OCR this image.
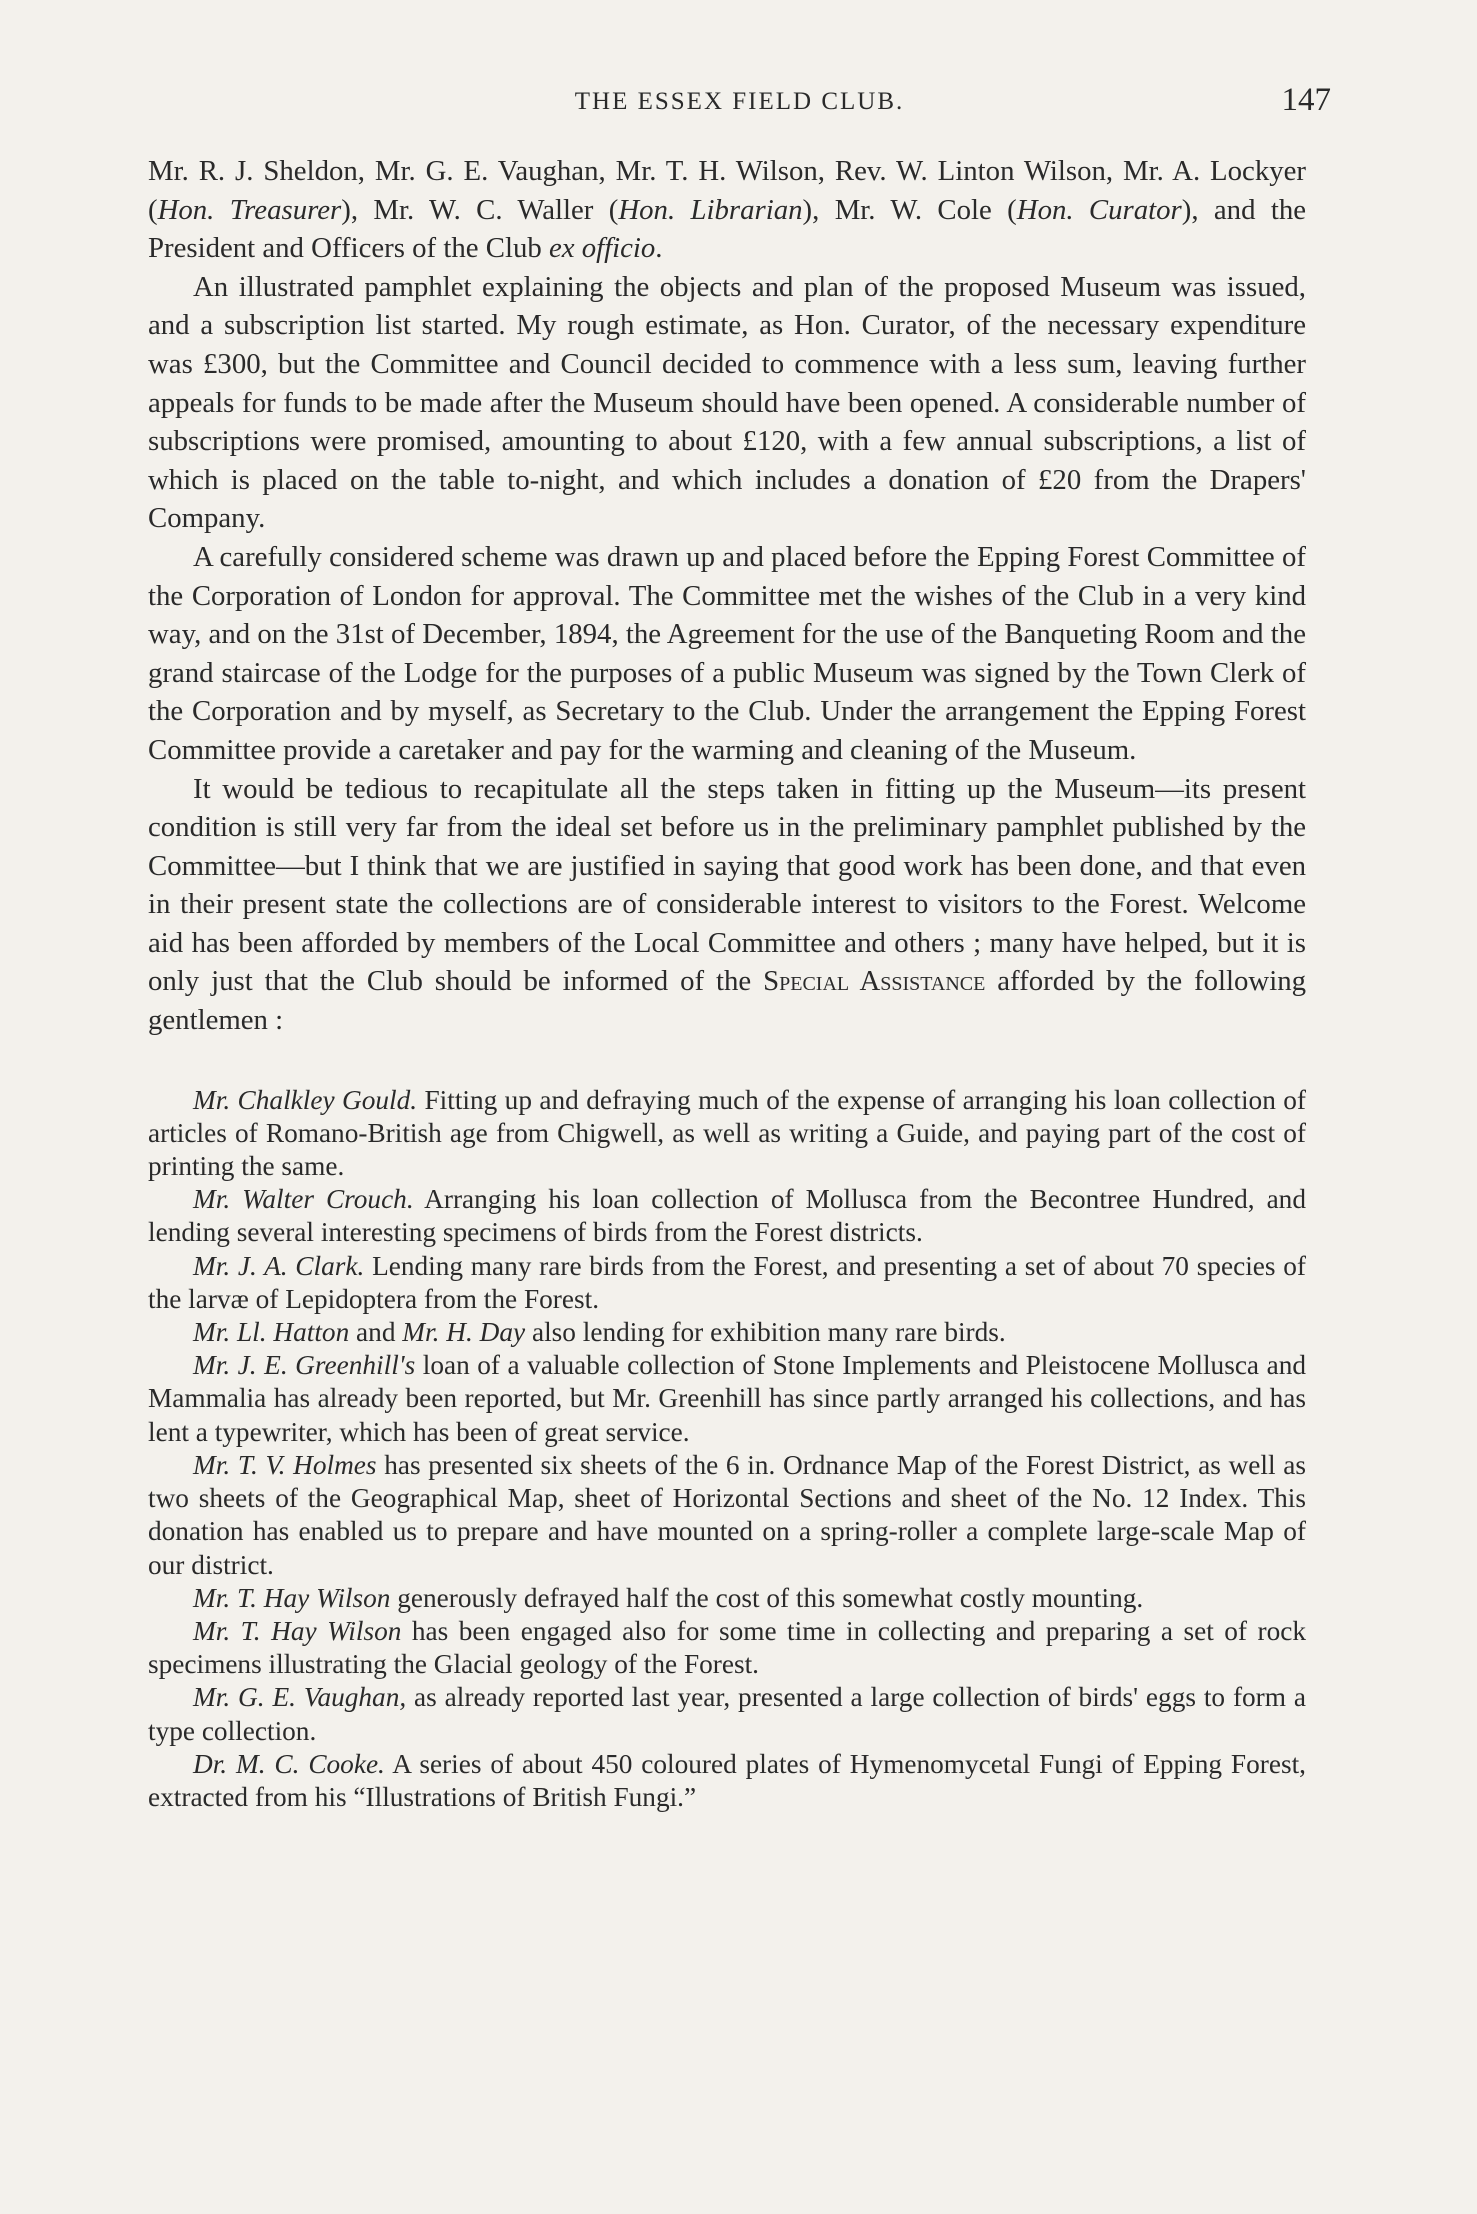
THE ESSEX FIELD CLUB.	147

Mr. R. J. Sheldon, Mr. G. E. Vaughan, Mr. T. H. Wilson, Rev. W. Linton Wilson, Mr. A. Lockyer (Hon. Treasurer), Mr. W. C. Waller (Hon. Librarian), Mr. W. Cole (Hon. Curator), and the President and Officers of the Club ex officio.

An illustrated pamphlet explaining the objects and plan of the proposed Museum was issued, and a subscription list started. My rough estimate, as Hon. Curator, of the necessary expenditure was £300, but the Committee and Council decided to commence with a less sum, leaving further appeals for funds to be made after the Museum should have been opened. A considerable number of subscriptions were promised, amounting to about £120, with a few annual subscriptions, a list of which is placed on the table to-night, and which includes a donation of £20 from the Drapers' Company.

A carefully considered scheme was drawn up and placed before the Epping Forest Committee of the Corporation of London for approval. The Committee met the wishes of the Club in a very kind way, and on the 31st of December, 1894, the Agreement for the use of the Banqueting Room and the grand staircase of the Lodge for the purposes of a public Museum was signed by the Town Clerk of the Corporation and by myself, as Secretary to the Club. Under the arrangement the Epping Forest Committee provide a caretaker and pay for the warming and cleaning of the Museum.

It would be tedious to recapitulate all the steps taken in fitting up the Museum—its present condition is still very far from the ideal set before us in the preliminary pamphlet published by the Committee—but I think that we are justified in saying that good work has been done, and that even in their present state the collections are of considerable interest to visitors to the Forest. Welcome aid has been afforded by members of the Local Committee and others ; many have helped, but it is only just that the Club should be informed of the Special Assistance afforded by the following gentlemen :

Mr. Chalkley Gould. Fitting up and defraying much of the expense of arranging his loan collection of articles of Romano-British age from Chigwell, as well as writing a Guide, and paying part of the cost of printing the same.

Mr. Walter Crouch. Arranging his loan collection of Mollusca from the Becontree Hundred, and lending several interesting specimens of birds from the Forest districts.

Mr. J. A. Clark. Lending many rare birds from the Forest, and presenting a set of about 70 species of the larvæ of Lepidoptera from the Forest.

Mr. Ll. Hatton and Mr. H. Day also lending for exhibition many rare birds.

Mr. J. E. Greenhill's loan of a valuable collection of Stone Implements and Pleistocene Mollusca and Mammalia has already been reported, but Mr. Greenhill has since partly arranged his collections, and has lent a typewriter, which has been of great service.

Mr. T. V. Holmes has presented six sheets of the 6 in. Ordnance Map of the Forest District, as well as two sheets of the Geographical Map, sheet of Horizontal Sections and sheet of the No. 12 Index. This donation has enabled us to prepare and have mounted on a spring-roller a complete large-scale Map of our district.

Mr. T. Hay Wilson generously defrayed half the cost of this somewhat costly mounting.

Mr. T. Hay Wilson has been engaged also for some time in collecting and preparing a set of rock specimens illustrating the Glacial geology of the Forest.

Mr. G. E. Vaughan, as already reported last year, presented a large collection of birds' eggs to form a type collection.

Dr. M. C. Cooke. A series of about 450 coloured plates of Hymenomycetal Fungi of Epping Forest, extracted from his “Illustrations of British Fungi.”
